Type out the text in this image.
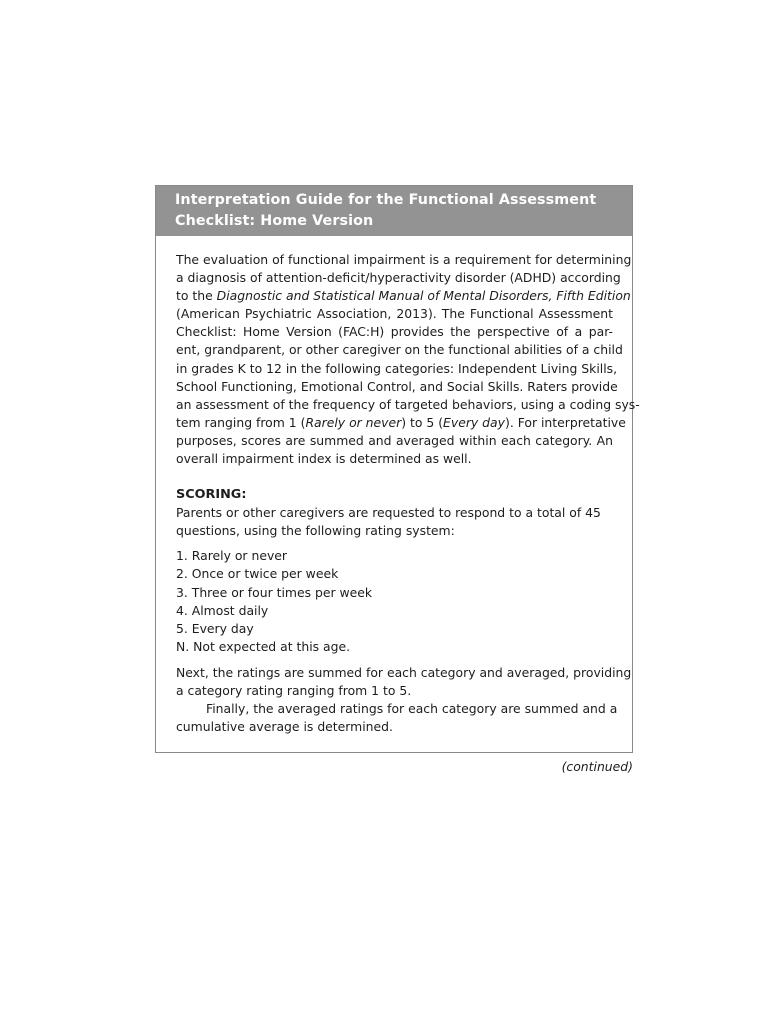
Interpretation Guide for the Functional Assessment
Checklist: Home Version
The evaluation of functional impairment is a requirement for determining
a diagnosis of attention-deficit/hyperactivity disorder (ADHD) according
to the Diagnostic and Statistical Manual of Mental Disorders, Fifth Edition
(American Psychiatric Association, 2013). The Functional Assessment
Checklist: Home Version (FAC:H) provides the perspective of a par-
ent, grandparent, or other caregiver on the functional abilities of a child
in grades K to 12 in the following categories: Independent Living Skills,
School Functioning, Emotional Control, and Social Skills. Raters provide
an assessment of the frequency of targeted behaviors, using a coding sys-
tem ranging from 1 (Rarely or never) to 5 (Every day). For interpretative
purposes, scores are summed and averaged within each category. An
overall impairment index is determined as well.
SCORING:
Parents or other caregivers are requested to respond to a total of 45
questions, using the following rating system:
1. Rarely or never
2. Once or twice per week
3. Three or four times per week
4. Almost daily
5. Every day
N. Not expected at this age.
Next, the ratings are summed for each category and averaged, providing
a category rating ranging from 1 to 5.
Finally, the averaged ratings for each category are summed and a
cumulative average is determined.
(continued)
